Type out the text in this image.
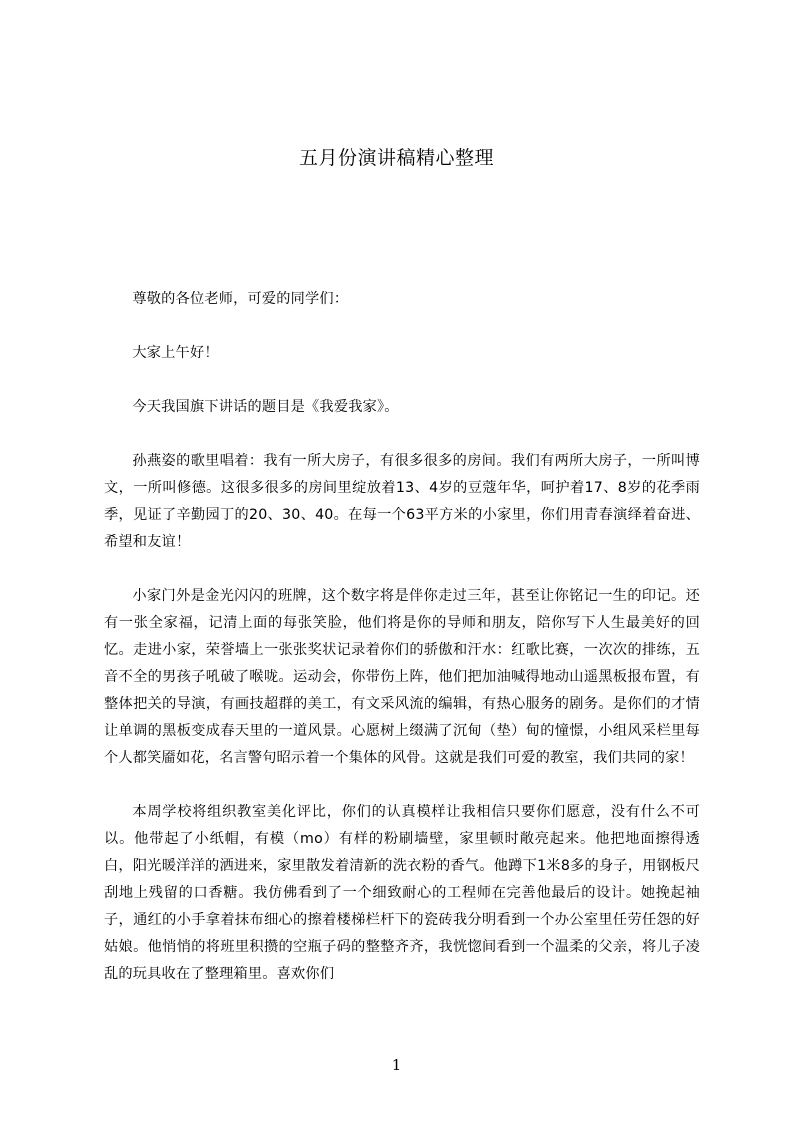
五月份演讲稿精心整理

尊敬的各位老师，可爱的同学们：

大家上午好！

今天我国旗下讲话的题目是《我爱我家》。

孙燕姿的歌里唱着：我有一所大房子，有很多很多的房间。我们有两所大房子，一所叫博文，一所叫修德。这很多很多的房间里绽放着13、4岁的豆蔻年华，呵护着17、8岁的花季雨季，见证了辛勤园丁的20、30、40。在每一个63平方米的小家里，你们用青春演绎着奋进、希望和友谊！

小家门外是金光闪闪的班牌，这个数字将是伴你走过三年，甚至让你铭记一生的印记。还有一张全家福，记清上面的每张笑脸，他们将是你的导师和朋友，陪你写下人生最美好的回忆。走进小家，荣誉墙上一张张奖状记录着你们的骄傲和汗水：红歌比赛，一次次的排练，五音不全的男孩子吼破了喉咙。运动会，你带伤上阵，他们把加油喊得地动山遥黑板报布置，有整体把关的导演，有画技超群的美工，有文采风流的编辑，有热心服务的剧务。是你们的才情让单调的黑板变成春天里的一道风景。心愿树上缀满了沉甸（垫）甸的憧憬，小组风采栏里每个人都笑靥如花，名言警句昭示着一个集体的风骨。这就是我们可爱的教室，我们共同的家！

本周学校将组织教室美化评比，你们的认真模样让我相信只要你们愿意，没有什么不可以。他带起了小纸帽，有模（mo）有样的粉刷墙壁，家里顿时敞亮起来。他把地面擦得透白，阳光暖洋洋的洒进来，家里散发着清新的洗衣粉的香气。他蹲下1米8多的身子，用钢板尺刮地上残留的口香糖。我仿佛看到了一个细致耐心的工程师在完善他最后的设计。她挽起袖子，通红的小手拿着抹布细心的擦着楼梯栏杆下的瓷砖我分明看到一个办公室里任劳任怨的好姑娘。他悄悄的将班里积攒的空瓶子码的整整齐齐，我恍惚间看到一个温柔的父亲，将儿子凌乱的玩具收在了整理箱里。喜欢你们

1
